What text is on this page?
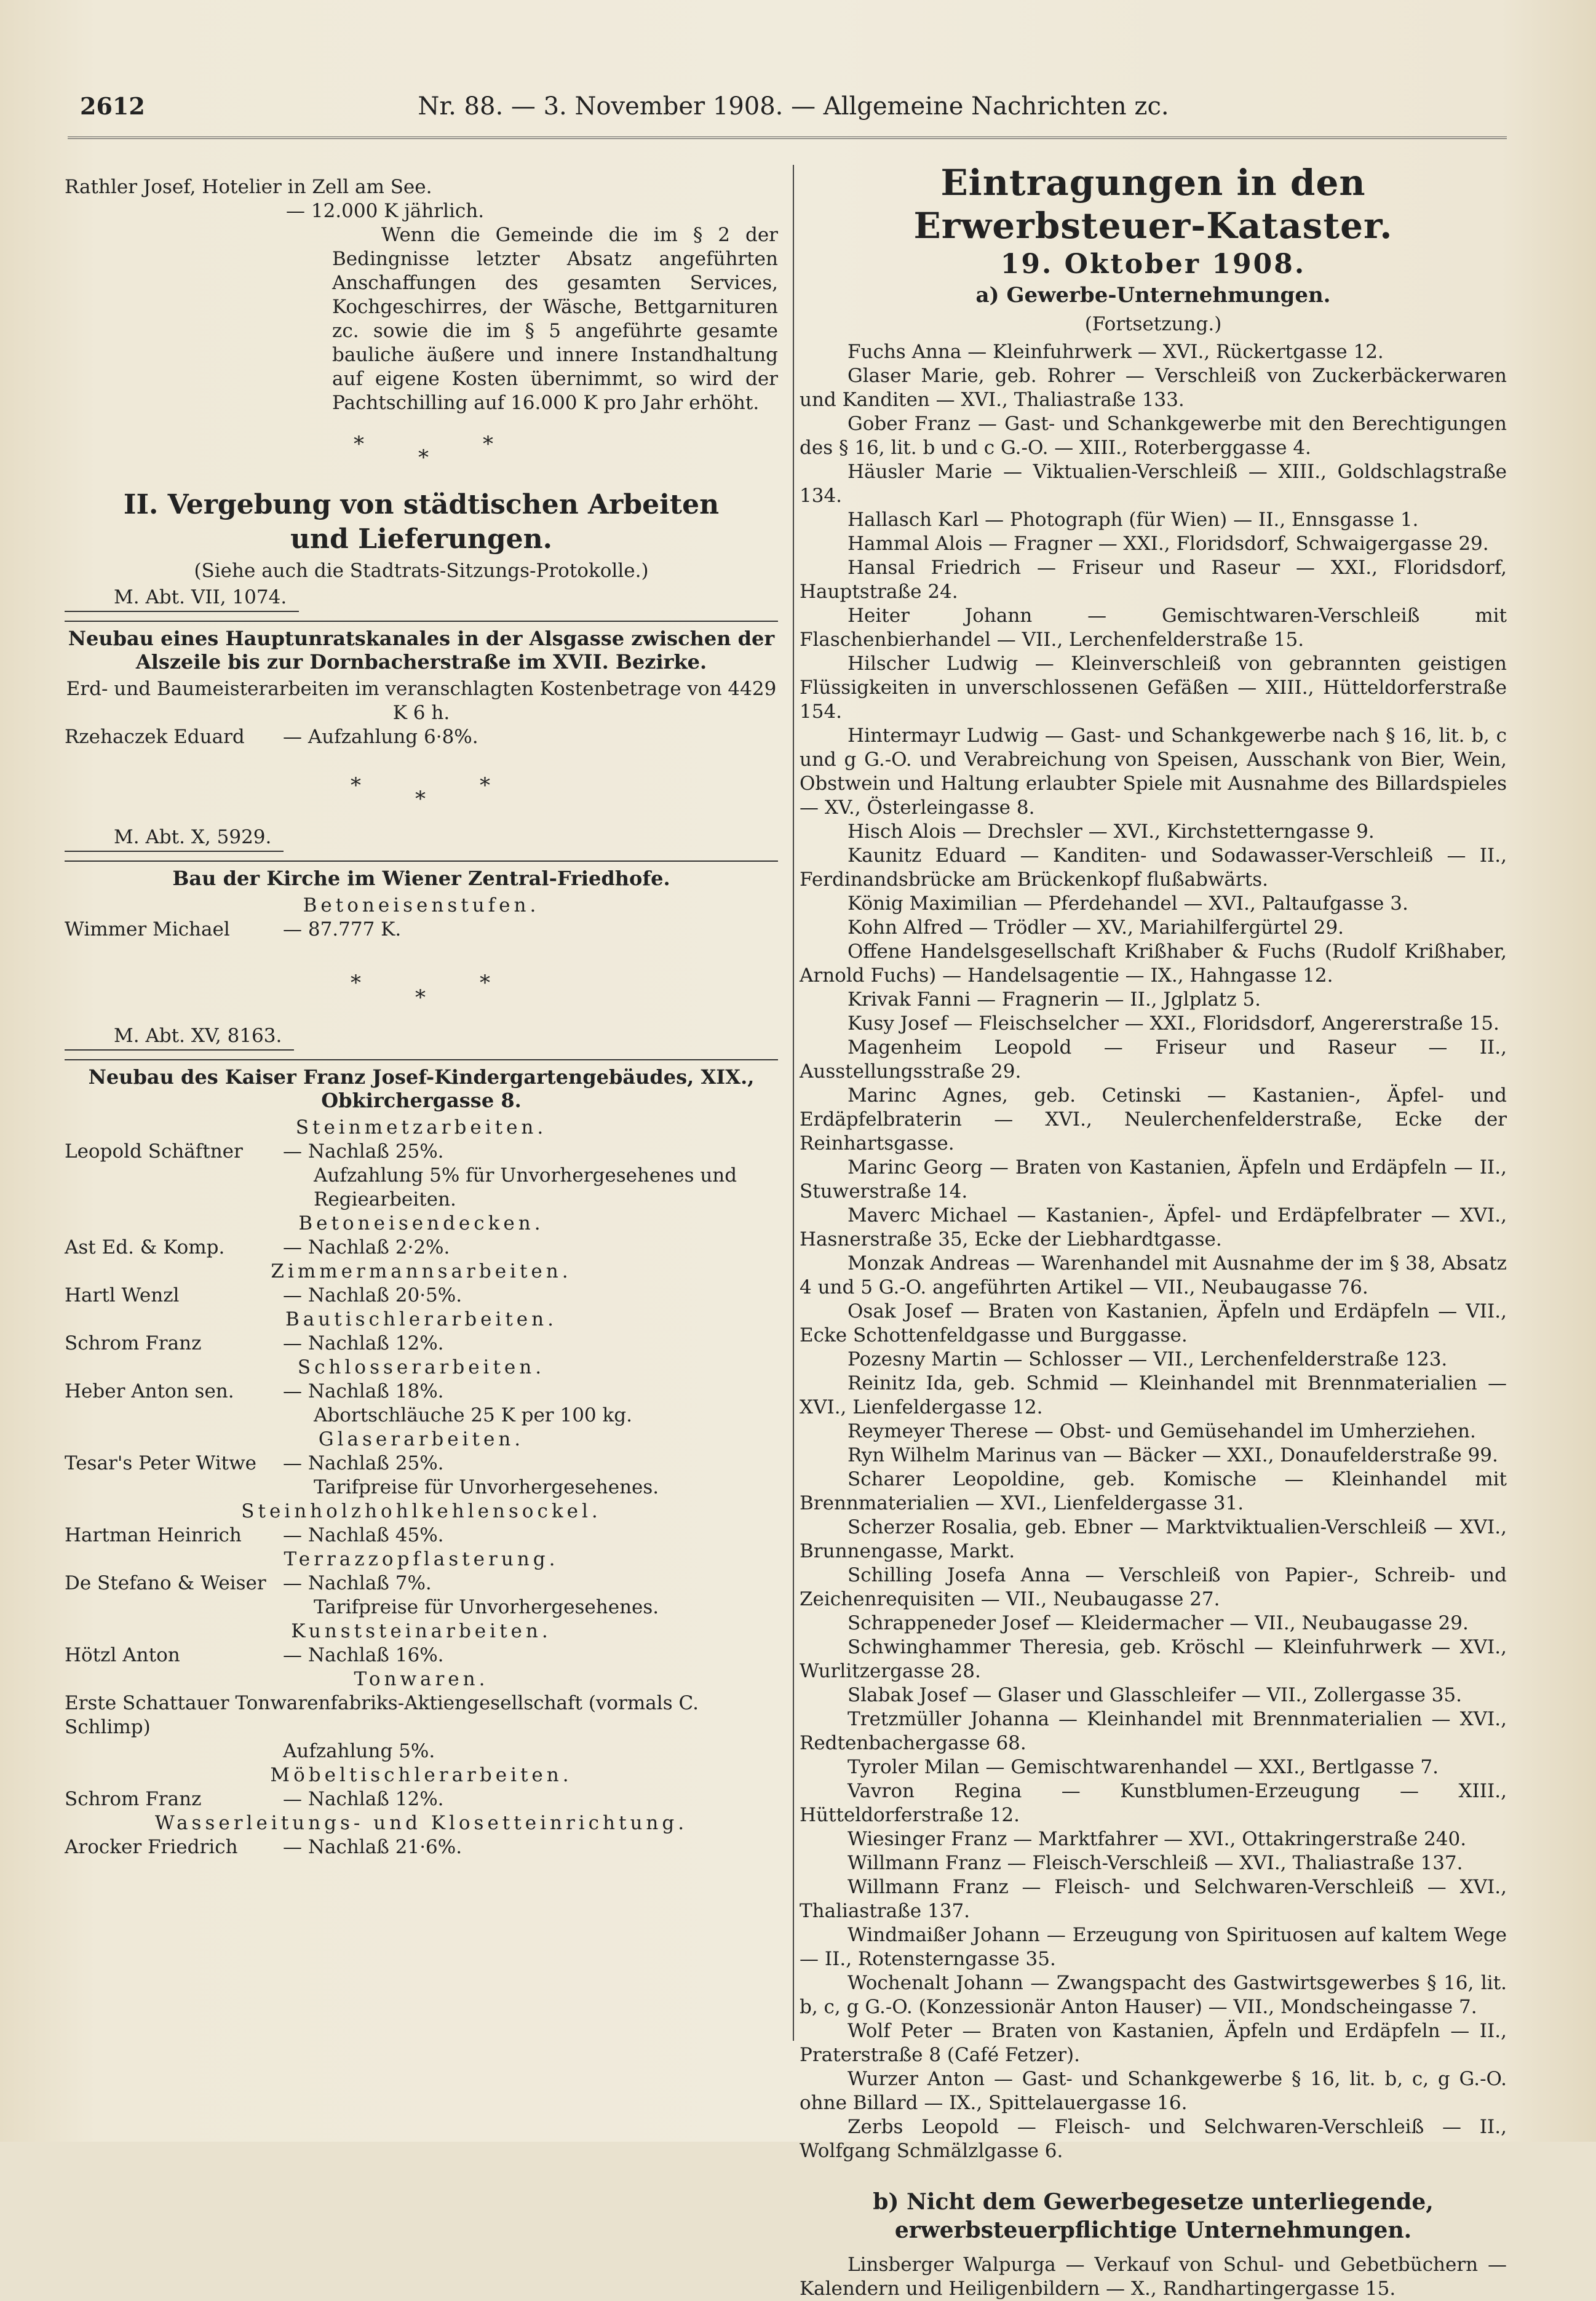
2612	Nr. 88. — 3. November 1908. — Allgemeine Nachrichten zc.

Rathler Josef, Hotelier in Zell am See.

— 12.000 K jährlich.

Wenn die Gemeinde die im § 2 der Bedingnisse letzter Absatz angeführten Anschaffungen des gesamten Services, Kochgeschirres, der Wäsche, Bettgarnituren zc. sowie die im § 5 angeführte gesamte bauliche äußere und innere Instandhaltung auf eigene Kosten übernimmt, so wird der Pachtschilling auf 16.000 K pro Jahr erhöht.

*
*
*
II. Vergebung von städtischen Arbeiten und Lieferungen.

(Siehe auch die Stadtrats-Sitzungs-Protokolle.)

M. Abt. VII, 1074.
Neubau eines Hauptunratskanales in der Alsgasse zwischen der Alszeile bis zur Dornbacherstraße im XVII. Bezirke.

Erd- und Baumeisterarbeiten im veranschlagten Kostenbetrage von 4429 K 6 h.

Rzehaczek Eduard	— Aufzahlung 6·8%.
*
*
*
M. Abt. X, 5929.
Bau der Kirche im Wiener Zentral-Friedhofe.

Betoneisenstufen.

Wimmer Michael	— 87.777 K.
*
*
*
M. Abt. XV, 8163.
Neubau des Kaiser Franz Josef-Kindergartengebäudes, XIX., Obkirchergasse 8.

Steinmetzarbeiten.

Leopold Schäftner	— Nachlaß 25%.

Aufzahlung 5% für Unvorhergesehenes und Regiearbeiten.

Betoneisendecken.

Ast Ed. & Komp.	— Nachlaß 2·2%.

Zimmermannsarbeiten.

Hartl Wenzl	— Nachlaß 20·5%.

Bautischlerarbeiten.

Schrom Franz	— Nachlaß 12%.

Schlosserarbeiten.

Heber Anton sen.	— Nachlaß 18%.

Abortschläuche 25 K per 100 kg.

Glaserarbeiten.

Tesar's Peter Witwe	— Nachlaß 25%.

Tarifpreise für Unvorhergesehenes.

Steinholzhohlkehlensockel.

Hartman Heinrich	— Nachlaß 45%.

Terrazzopflasterung.

De Stefano & Weiser — Nachlaß 7%.

Tarifpreise für Unvorhergesehenes.

Kunststeinarbeiten.

Hötzl Anton	— Nachlaß 16%.

Tonwaren.

Erste Schattauer Tonwarenfabriks-Aktiengesellschaft (vormals C. Schlimp)

Aufzahlung 5%.

Möbeltischlerarbeiten.

Schrom Franz	— Nachlaß 12%.

Wasserleitungs- und Klosetteinrichtung.

Arocker Friedrich	— Nachlaß 21·6%.
Eintragungen in den Erwerbsteuer-Kataster.
19. Oktober 1908.
a) Gewerbe-Unternehmungen.

(Fortsetzung.)

Fuchs Anna — Kleinfuhrwerk — XVI., Rückertgasse 12.

Glaser Marie, geb. Rohrer — Verschleiß von Zuckerbäckerwaren und Kanditen — XVI., Thaliastraße 133.

Gober Franz — Gast- und Schankgewerbe mit den Berechtigungen des § 16, lit. b und c G.-O. — XIII., Roterberggasse 4.

Häusler Marie — Viktualien-Verschleiß — XIII., Goldschlagstraße 134.

Hallasch Karl — Photograph (für Wien) — II., Ennsgasse 1.

Hammal Alois — Fragner — XXI., Floridsdorf, Schwaigergasse 29.

Hansal Friedrich — Friseur und Raseur — XXI., Floridsdorf, Hauptstraße 24.

Heiter Johann — Gemischtwaren-Verschleiß mit Flaschenbierhandel — VII., Lerchenfelderstraße 15.

Hilscher Ludwig — Kleinverschleiß von gebrannten geistigen Flüssigkeiten in unverschlossenen Gefäßen — XIII., Hütteldorferstraße 154.

Hintermayr Ludwig — Gast- und Schankgewerbe nach § 16, lit. b, c und g G.-O. und Verabreichung von Speisen, Ausschank von Bier, Wein, Obstwein und Haltung erlaubter Spiele mit Ausnahme des Billardspieles — XV., Österleingasse 8.

Hisch Alois — Drechsler — XVI., Kirchstetterngasse 9.

Kaunitz Eduard — Kanditen- und Sodawasser-Verschleiß — II., Ferdinandsbrücke am Brückenkopf flußabwärts.

König Maximilian — Pferdehandel — XVI., Paltaufgasse 3.

Kohn Alfred — Trödler — XV., Mariahilfergürtel 29.

Offene Handelsgesellschaft Krißhaber & Fuchs (Rudolf Krißhaber, Arnold Fuchs) — Handelsagentie — IX., Hahngasse 12.

Krivak Fanni — Fragnerin — II., Jglplatz 5.

Kusy Josef — Fleischselcher — XXI., Floridsdorf, Angererstraße 15.

Magenheim Leopold — Friseur und Raseur — II., Ausstellungsstraße 29.

Marinc Agnes, geb. Cetinski — Kastanien-, Äpfel- und Erdäpfelbraterin — XVI., Neulerchenfelderstraße, Ecke der Reinhartsgasse.

Marinc Georg — Braten von Kastanien, Äpfeln und Erdäpfeln — II., Stuwerstraße 14.

Maverc Michael — Kastanien-, Äpfel- und Erdäpfelbrater — XVI., Hasnerstraße 35, Ecke der Liebhardtgasse.

Monzak Andreas — Warenhandel mit Ausnahme der im § 38, Absatz 4 und 5 G.-O. angeführten Artikel — VII., Neubaugasse 76.

Osak Josef — Braten von Kastanien, Äpfeln und Erdäpfeln — VII., Ecke Schottenfeldgasse und Burggasse.

Pozesny Martin — Schlosser — VII., Lerchenfelderstraße 123.

Reinitz Ida, geb. Schmid — Kleinhandel mit Brennmaterialien — XVI., Lienfeldergasse 12.

Reymeyer Therese — Obst- und Gemüsehandel im Umherziehen.

Ryn Wilhelm Marinus van — Bäcker — XXI., Donaufelderstraße 99.

Scharer Leopoldine, geb. Komische — Kleinhandel mit Brennmaterialien — XVI., Lienfeldergasse 31.

Scherzer Rosalia, geb. Ebner — Marktviktualien-Verschleiß — XVI., Brunnengasse, Markt.

Schilling Josefa Anna — Verschleiß von Papier-, Schreib- und Zeichenrequisiten — VII., Neubaugasse 27.

Schrappeneder Josef — Kleidermacher — VII., Neubaugasse 29.

Schwinghammer Theresia, geb. Kröschl — Kleinfuhrwerk — XVI., Wurlitzergasse 28.

Slabak Josef — Glaser und Glasschleifer — VII., Zollergasse 35.

Tretzmüller Johanna — Kleinhandel mit Brennmaterialien — XVI., Redtenbachergasse 68.

Tyroler Milan — Gemischtwarenhandel — XXI., Bertlgasse 7.

Vavron Regina — Kunstblumen-Erzeugung — XIII., Hütteldorferstraße 12.

Wiesinger Franz — Marktfahrer — XVI., Ottakringerstraße 240.

Willmann Franz — Fleisch-Verschleiß — XVI., Thaliastraße 137.

Willmann Franz — Fleisch- und Selchwaren-Verschleiß — XVI., Thaliastraße 137.

Windmaißer Johann — Erzeugung von Spirituosen auf kaltem Wege — II., Rotensterngasse 35.

Wochenalt Johann — Zwangspacht des Gastwirtsgewerbes § 16, lit. b, c, g G.-O. (Konzessionär Anton Hauser) — VII., Mondscheingasse 7.

Wolf Peter — Braten von Kastanien, Äpfeln und Erdäpfeln — II., Praterstraße 8 (Café Fetzer).

Wurzer Anton — Gast- und Schankgewerbe § 16, lit. b, c, g G.-O. ohne Billard — IX., Spittelauergasse 16.

Zerbs Leopold — Fleisch- und Selchwaren-Verschleiß — II., Wolfgang Schmälzlgasse 6.

b) Nicht dem Gewerbegesetze unterliegende, erwerbsteuerpflichtige Unternehmungen.

Linsberger Walpurga — Verkauf von Schul- und Gebetbüchern — Kalendern und Heiligenbildern — X., Randhartingergasse 15.
